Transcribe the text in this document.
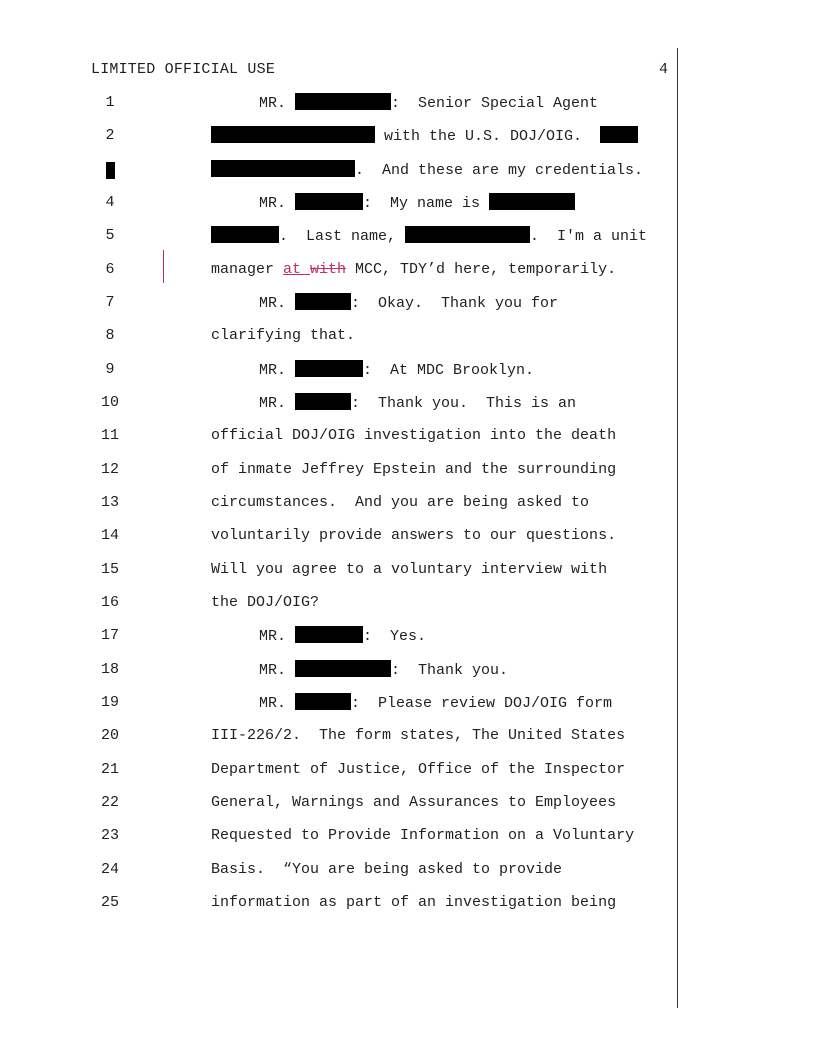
LIMITED OFFICIAL USE	4
1	MR.	:  Senior Special Agent
2	with the U.S. DOJ/OIG.
.  And these are my credentials.
4	MR.	:  My name is
5	.  Last name,	.  I'm a unit
6	manager at with MCC, TDY’d here, temporarily.
7	MR.	:  Okay.  Thank you for
8	clarifying that.
9	MR.	:  At MDC Brooklyn.
10	MR.	:  Thank you.  This is an
11	official DOJ/OIG investigation into the death
12	of inmate Jeffrey Epstein and the surrounding
13	circumstances.  And you are being asked to
14	voluntarily provide answers to our questions.
15	Will you agree to a voluntary interview with
16	the DOJ/OIG?
17	MR.	:  Yes.
18	MR.	:  Thank you.
19	MR.	:  Please review DOJ/OIG form
20	III-226/2.  The form states, The United States
21	Department of Justice, Office of the Inspector
22	General, Warnings and Assurances to Employees
23	Requested to Provide Information on a Voluntary
24	Basis.  “You are being asked to provide
25	information as part of an investigation being
